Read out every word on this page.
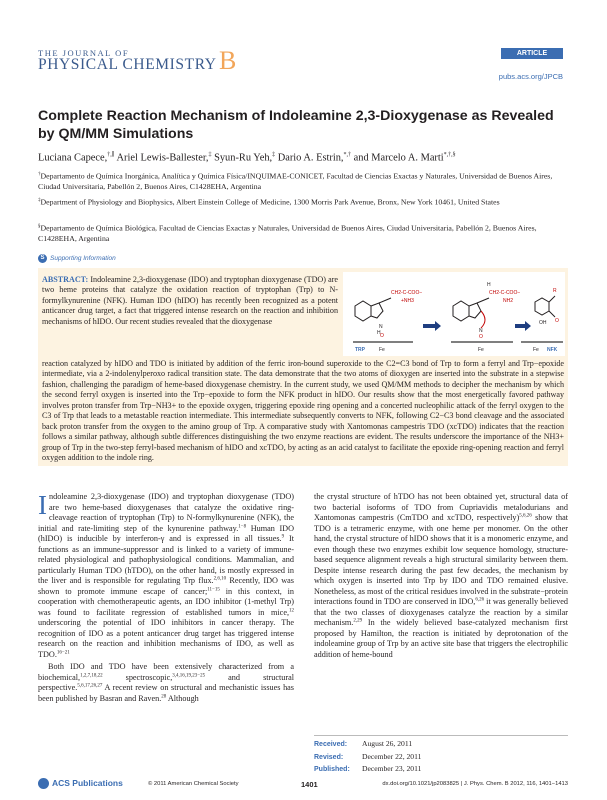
THE JOURNAL OF
PHYSICAL CHEMISTRY B	ARTICLE
pubs.acs.org/JPCB
Complete Reaction Mechanism of Indoleamine 2,3-Dioxygenase as Revealed by QM/MM Simulations
Luciana Capece,†,∥ Ariel Lewis-Ballester,‡ Syun-Ru Yeh,‡ Dario A. Estrin,*,† and Marcelo A. Marti*,†,§
†Departamento de Química Inorgánica, Analítica y Química Física/INQUIMAE-CONICET, Facultad de Ciencias Exactas y Naturales, Universidad de Buenos Aires, Ciudad Universitaria, Pabellón 2, Buenos Aires, C1428EHA, Argentina
‡Department of Physiology and Biophysics, Albert Einstein College of Medicine, 1300 Morris Park Avenue, Bronx, New York 10461, United States
§Departamento de Química Biológica, Facultad de Ciencias Exactas y Naturales, Universidad de Buenos Aires, Ciudad Universitaria, Pabellón 2, Buenos Aires, C1428EHA, Argentina
S Supporting Information
ABSTRACT: Indoleamine 2,3-dioxygenase (IDO) and tryptophan dioxygenase (TDO) are two heme proteins that catalyze the oxidation reaction of tryptophan (Trp) to N-formylkynurenine (NFK). Human IDO (hIDO) has recently been recognized as a potent anticancer drug target, a fact that triggered intense research on the reaction and inhibition mechanisms of hIDO. Our recent studies revealed that the dioxygenase
N
H
CH2-C-COO−
+NH3
TRP	Fe
O
N
CH2-C-COO−
NH2
H
Fe
O
R
O
OH
Fe NFK
reaction catalyzed by hIDO and TDO is initiated by addition of the ferric iron-bound superoxide to the C2=C3 bond of Trp to form a ferryl and Trp−epoxide intermediate, via a 2-indolenylperoxo radical transition state. The data demonstrate that the two atoms of dioxygen are inserted into the substrate in a stepwise fashion, challenging the paradigm of heme-based dioxygenase chemistry. In the current study, we used QM/MM methods to decipher the mechanism by which the second ferryl oxygen is inserted into the Trp−epoxide to form the NFK product in hIDO. Our results show that the most energetically favored pathway involves proton transfer from Trp−NH3+ to the epoxide oxygen, triggering epoxide ring opening and a concerted nucleophilic attack of the ferryl oxygen to the C3 of Trp that leads to a metastable reaction intermediate. This intermediate subsequently converts to NFK, following C2−C3 bond cleavage and the associated back proton transfer from the oxygen to the amino group of Trp. A comparative study with Xantomonas campestris TDO (xcTDO) indicates that the reaction follows a similar pathway, although subtle differences distinguishing the two enzyme reactions are evident. The results underscore the importance of the NH3+ group of Trp in the two-step ferryl-based mechanism of hIDO and xcTDO, by acting as an acid catalyst to facilitate the epoxide ring-opening reaction and ferryl oxygen addition to the indole ring.
Indoleamine 2,3-dioxygenase (IDO) and tryptophan dioxygenase (TDO) are two heme-based dioxygenases that catalyze the oxidative ring-cleavage reaction of tryptophan (Trp) to N-formylkynurenine (NFK), the initial and rate-limiting step of the kynurenine pathway.$^{1-8}$ Human IDO (hIDO) is inducible by interferon-γ and is expressed in all tissues.$^9$ It functions as an immune-suppressor and is linked to a variety of immune-related physiological and pathophysiological conditions. Mammalian, and particularly Human TDO (hTDO), on the other hand, is mostly expressed in the liver and is responsible for regulating Trp flux.$^{2,6,10}$ Recently, IDO was shown to promote immune escape of cancer;$^{11-15}$ in this context, in cooperation with chemotherapeutic agents, an IDO inhibitor (1-methyl Trp) was found to facilitate regression of established tumors in mice,$^{12}$ underscoring the potential of IDO inhibitors in cancer therapy. The recognition of IDO as a potent anticancer drug target has triggered intense research on the reaction and inhibition mechanisms of IDO, as well as TDO.$^{16-21}$
Both IDO and TDO have been extensively characterized from a biochemical,$^{1,2,7,18,22}$ spectroscopic,$^{3,4,16,19,23-25}$ and structural perspective.$^{5,6,17,26,27}$ A recent review on structural and mechanistic issues has been published by Basran and Raven.$^{28}$ Although
the crystal structure of hTDO has not been obtained yet, structural data of two bacterial isoforms of TDO from Cupriavidis metalodurians and Xantomonas campestris (CmTDO and xcTDO, respectively)$^{5,6,26}$ show that TDO is a tetrameric enzyme, with one heme per monomer. On the other hand, the crystal structure of hIDO shows that it is a monomeric enzyme, and even though these two enzymes exhibit low sequence homology, structure-based sequence alignment reveals a high structural similarity between them. Despite intense research during the past few decades, the mechanism by which oxygen is inserted into Trp by IDO and TDO remained elusive. Nonetheless, as most of the critical residues involved in the substrate−protein interactions found in TDO are conserved in IDO,$^{6,26}$ it was generally believed that the two classes of dioxygenases catalyze the reaction by a similar mechanism.$^{2,29}$ In the widely believed base-catalyzed mechanism first proposed by Hamilton, the reaction is initiated by deprotonation of the indoleamine group of Trp by an active site base that triggers the electrophilic addition of heme-bound
Received: August 26, 2011
Revised: December 22, 2011
Published: December 23, 2011
ACS Publications	© 2011 American Chemical Society	1401	dx.doi.org/10.1021/jp2083825 | J. Phys. Chem. B 2012, 116, 1401−1413
